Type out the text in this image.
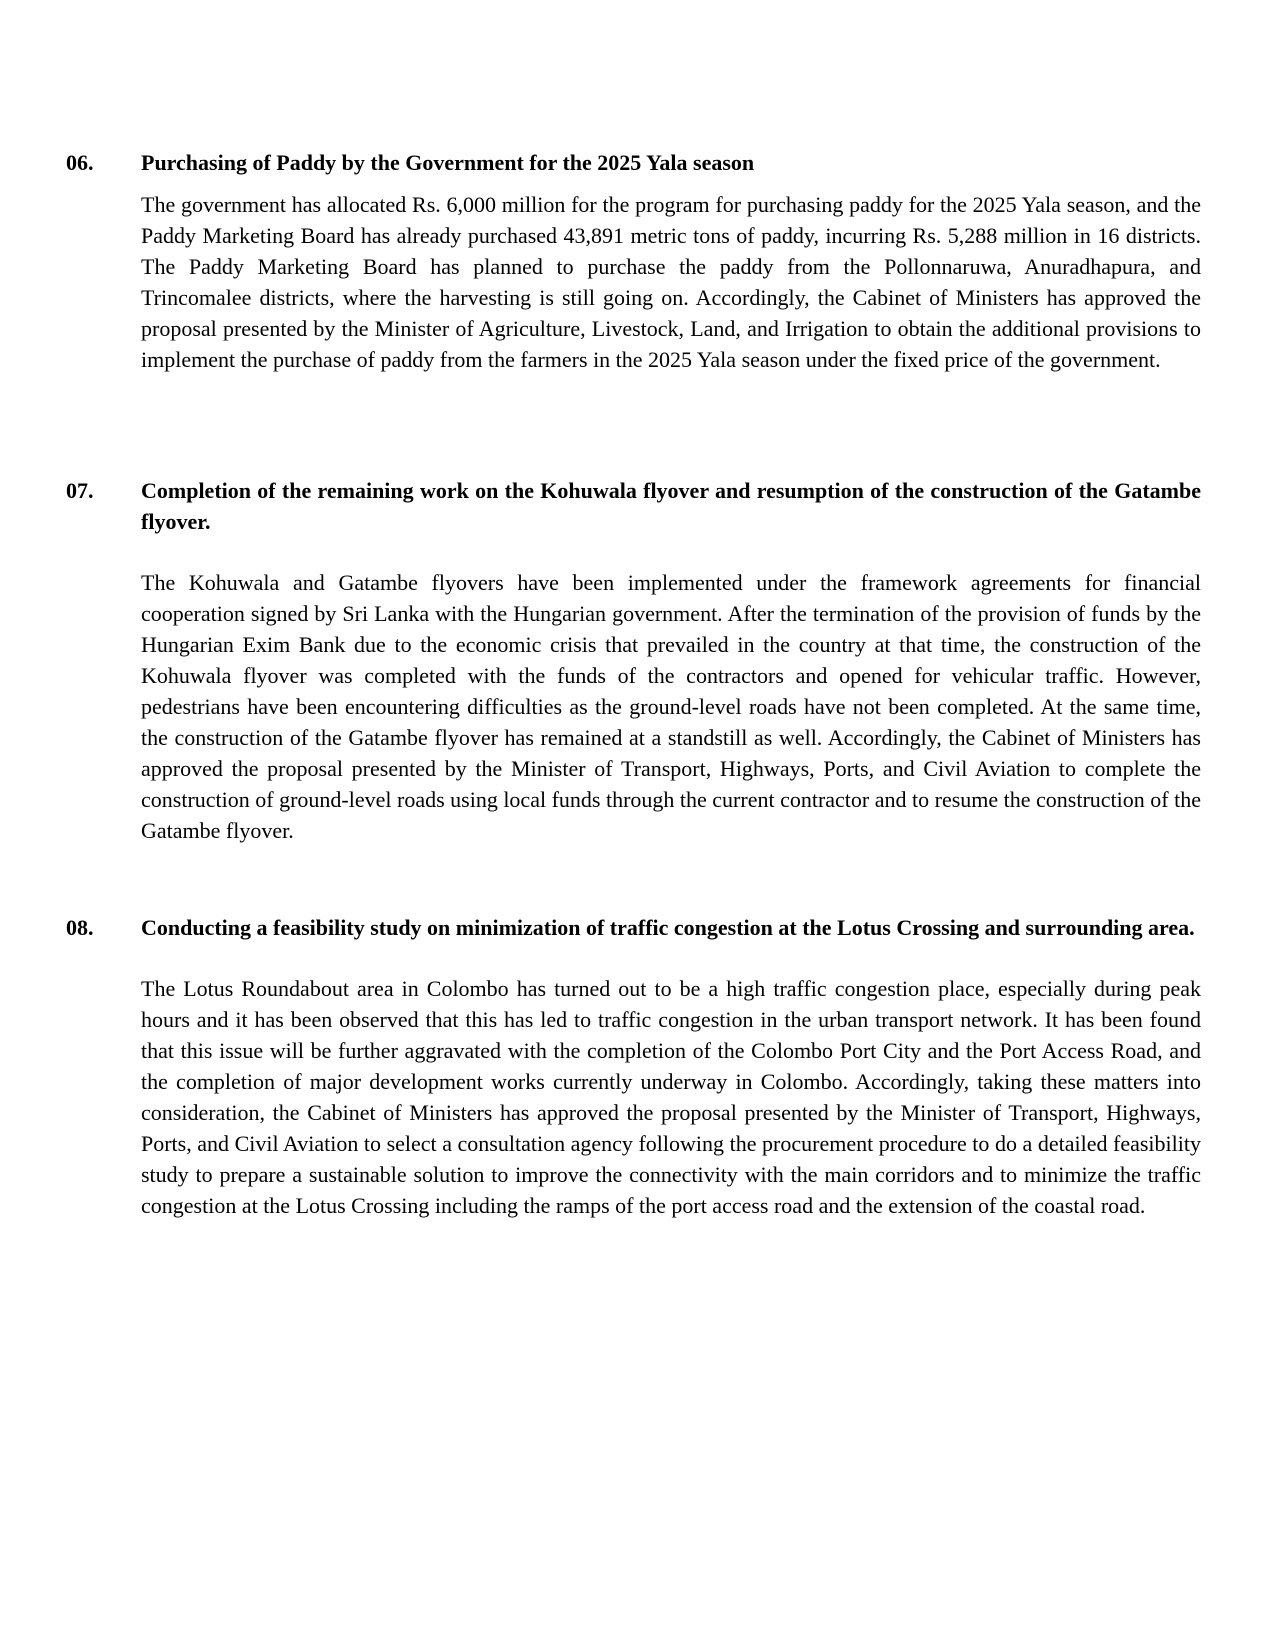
06. Purchasing of Paddy by the Government for the 2025 Yala season
The government has allocated Rs. 6,000 million for the program for purchasing paddy for the 2025 Yala season, and the Paddy Marketing Board has already purchased 43,891 metric tons of paddy, incurring Rs. 5,288 million in 16 districts. The Paddy Marketing Board has planned to purchase the paddy from the Pollonnaruwa, Anuradhapura, and Trincomalee districts, where the harvesting is still going on. Accordingly, the Cabinet of Ministers has approved the proposal presented by the Minister of Agriculture, Livestock, Land, and Irrigation to obtain the additional provisions to implement the purchase of paddy from the farmers in the 2025 Yala season under the fixed price of the government.
07. Completion of the remaining work on the Kohuwala flyover and resumption of the construction of the Gatambe flyover.
The Kohuwala and Gatambe flyovers have been implemented under the framework agreements for financial cooperation signed by Sri Lanka with the Hungarian government. After the termination of the provision of funds by the Hungarian Exim Bank due to the economic crisis that prevailed in the country at that time, the construction of the Kohuwala flyover was completed with the funds of the contractors and opened for vehicular traffic. However, pedestrians have been encountering difficulties as the ground-level roads have not been completed. At the same time, the construction of the Gatambe flyover has remained at a standstill as well. Accordingly, the Cabinet of Ministers has approved the proposal presented by the Minister of Transport, Highways, Ports, and Civil Aviation to complete the construction of ground-level roads using local funds through the current contractor and to resume the construction of the Gatambe flyover.
08. Conducting a feasibility study on minimization of traffic congestion at the Lotus Crossing and surrounding area.
The Lotus Roundabout area in Colombo has turned out to be a high traffic congestion place, especially during peak hours and it has been observed that this has led to traffic congestion in the urban transport network. It has been found that this issue will be further aggravated with the completion of the Colombo Port City and the Port Access Road, and the completion of major development works currently underway in Colombo. Accordingly, taking these matters into consideration, the Cabinet of Ministers has approved the proposal presented by the Minister of Transport, Highways, Ports, and Civil Aviation to select a consultation agency following the procurement procedure to do a detailed feasibility study to prepare a sustainable solution to improve the connectivity with the main corridors and to minimize the traffic congestion at the Lotus Crossing including the ramps of the port access road and the extension of the coastal road.
